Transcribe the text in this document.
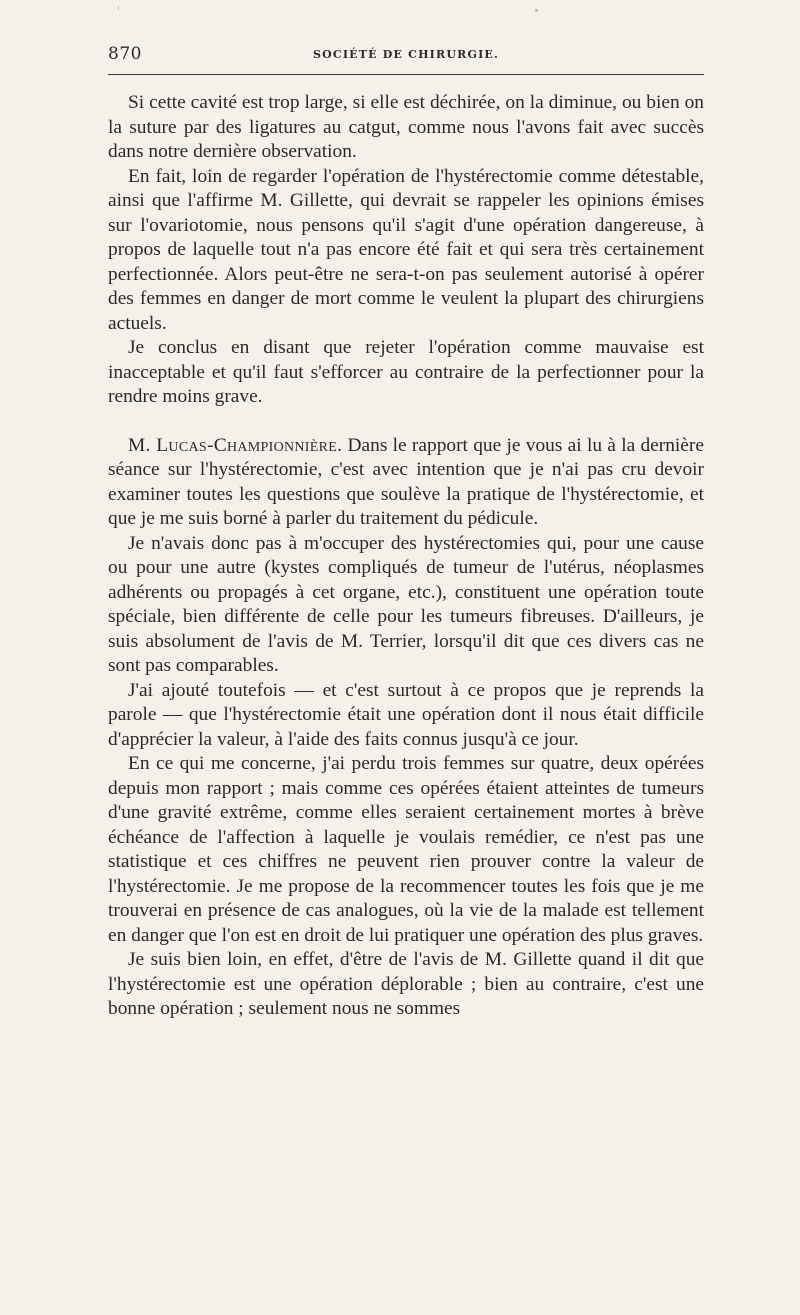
870	SOCIÉTÉ DE CHIRURGIE.

Si cette cavité est trop large, si elle est déchirée, on la diminue, ou bien on la suture par des ligatures au catgut, comme nous l'avons fait avec succès dans notre dernière observation.

En fait, loin de regarder l'opération de l'hystérectomie comme détestable, ainsi que l'affirme M. Gillette, qui devrait se rappeler les opinions émises sur l'ovariotomie, nous pensons qu'il s'agit d'une opération dangereuse, à propos de laquelle tout n'a pas encore été fait et qui sera très certainement perfectionnée. Alors peut-être ne sera-t-on pas seulement autorisé à opérer des femmes en danger de mort comme le veulent la plupart des chirurgiens actuels.

Je conclus en disant que rejeter l'opération comme mauvaise est inacceptable et qu'il faut s'efforcer au contraire de la perfectionner pour la rendre moins grave.

M. Lucas-Championnière. Dans le rapport que je vous ai lu à la dernière séance sur l'hystérectomie, c'est avec intention que je n'ai pas cru devoir examiner toutes les questions que soulève la pratique de l'hystérectomie, et que je me suis borné à parler du traitement du pédicule.

Je n'avais donc pas à m'occuper des hystérectomies qui, pour une cause ou pour une autre (kystes compliqués de tumeur de l'utérus, néoplasmes adhérents ou propagés à cet organe, etc.), constituent une opération toute spéciale, bien différente de celle pour les tumeurs fibreuses. D'ailleurs, je suis absolument de l'avis de M. Terrier, lorsqu'il dit que ces divers cas ne sont pas comparables.

J'ai ajouté toutefois — et c'est surtout à ce propos que je reprends la parole — que l'hystérectomie était une opération dont il nous était difficile d'apprécier la valeur, à l'aide des faits connus jusqu'à ce jour.

En ce qui me concerne, j'ai perdu trois femmes sur quatre, deux opérées depuis mon rapport ; mais comme ces opérées étaient atteintes de tumeurs d'une gravité extrême, comme elles seraient certainement mortes à brève échéance de l'affection à laquelle je voulais remédier, ce n'est pas une statistique et ces chiffres ne peuvent rien prouver contre la valeur de l'hystérectomie. Je me propose de la recommencer toutes les fois que je me trouverai en présence de cas analogues, où la vie de la malade est tellement en danger que l'on est en droit de lui pratiquer une opération des plus graves.

Je suis bien loin, en effet, d'être de l'avis de M. Gillette quand il dit que l'hystérectomie est une opération déplorable ; bien au contraire, c'est une bonne opération ; seulement nous ne sommes
